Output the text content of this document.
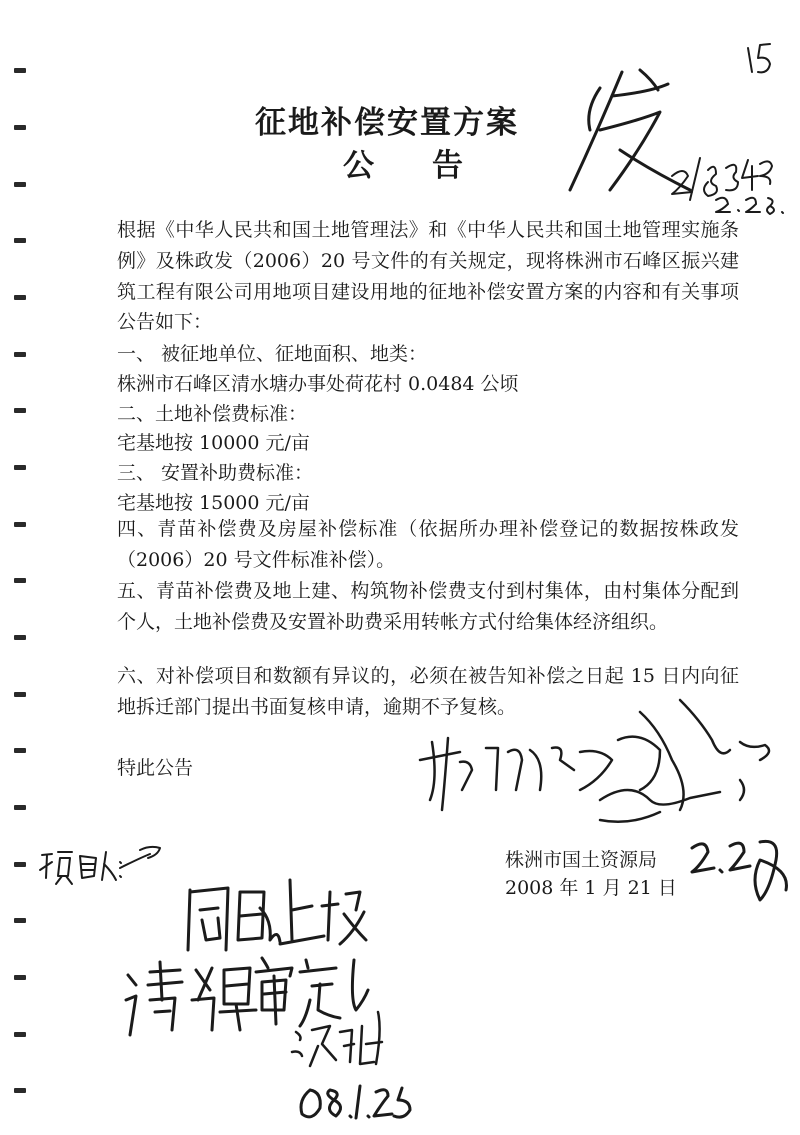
征地补偿安置方案
公告
根据《中华人民共和国土地管理法》和《中华人民共和国土地管理实施条例》及株政发（2006）20 号文件的有关规定，现将株洲市石峰区振兴建筑工程有限公司用地项目建设用地的征地补偿安置方案的内容和有关事项公告如下：
一、 被征地单位、征地面积、地类：
株洲市石峰区清水塘办事处荷花村 0.0484 公顷
二、土地补偿费标准：
宅基地按 10000 元/亩
三、 安置补助费标准：
宅基地按 15000 元/亩
四、青苗补偿费及房屋补偿标准（依据所办理补偿登记的数据按株政发（2006）20 号文件标准补偿）。
五、青苗补偿费及地上建、构筑物补偿费支付到村集体，由村集体分配到个人，土地补偿费及安置补助费采用转帐方式付给集体经济组织。
六、对补偿项目和数额有异议的，必须在被告知补偿之日起 15 日内向征地拆迁部门提出书面复核申请，逾期不予复核。
特此公告
株洲市国土资源局
2008 年 1 月 21 日
